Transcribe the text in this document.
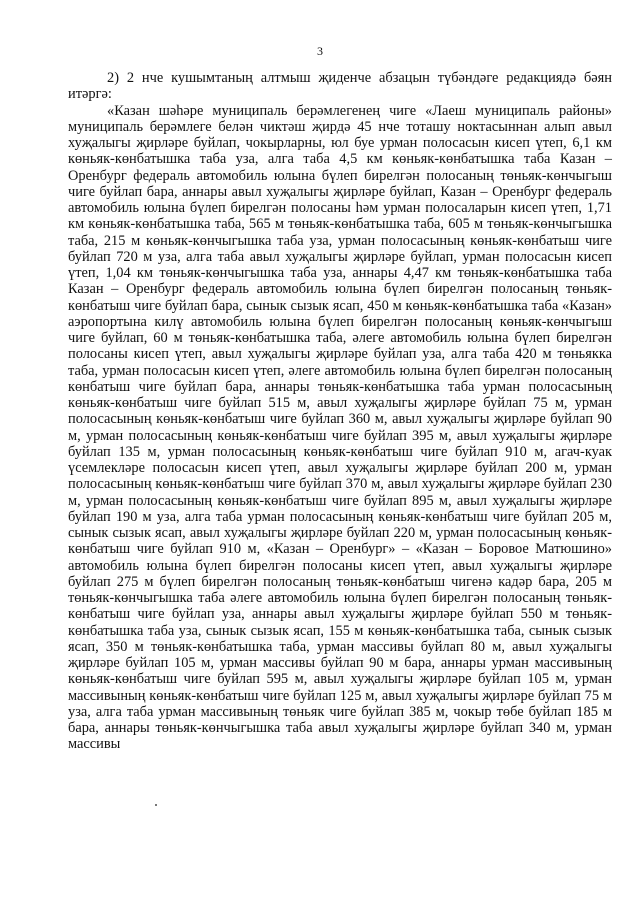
3

2) 2 нче кушымтаның алтмыш җиденче абзацын түбәндәге редакциядә бәян итәргә:

«Казан шәһәре муниципаль берәмлегенең чиге «Лаеш муниципаль районы» муниципаль берәмлеге белән чиктәш җирдә 45 нче тоташу ноктасыннан алып авыл хуҗалыгы җирләре буйлап, чокырларны, юл буе урман полосасын кисеп үтеп, 6,1 км көньяк-көнбатышка таба уза, алга таба 4,5 км көньяк-көнбатышка таба Казан – Оренбург федераль автомобиль юлына бүлеп бирелгән полосаның төньяк-көнчыгыш чиге буйлап бара, аннары авыл хуҗалыгы җирләре буйлап, Казан – Оренбург федераль автомобиль юлына бүлеп бирелгән полосаны һәм урман полосаларын кисеп үтеп, 1,71 км көньяк-көнбатышка таба, 565 м төньяк-көнбатышка таба, 605 м төньяк-көнчыгышка таба, 215 м көньяк-көнчыгышка таба уза, урман полосасының көньяк-көнбатыш чиге буйлап 720 м уза, алга таба авыл хуҗалыгы җирләре буйлап, урман полосасын кисеп үтеп, 1,04 км төньяк-көнчыгышка таба уза, аннары 4,47 км төньяк-көнбатышка таба Казан – Оренбург федераль автомобиль юлына бүлеп бирелгән полосаның төньяк-көнбатыш чиге буйлап бара, сынык сызык ясап, 450 м көньяк-көнбатышка таба «Казан» аэропортына килү автомобиль юлына бүлеп бирелгән полосаның көньяк-көнчыгыш чиге буйлап, 60 м төньяк-көнбатышка таба, әлеге автомобиль юлына бүлеп бирелгән полосаны кисеп үтеп, авыл хуҗалыгы җирләре буйлап уза, алга таба 420 м төньякка таба, урман полосасын кисеп үтеп, әлеге автомобиль юлына бүлеп бирелгән полосаның көнбатыш чиге буйлап бара, аннары төньяк-көнбатышка таба урман полосасының көньяк-көнбатыш чиге буйлап 515 м, авыл хуҗалыгы җирләре буйлап 75 м, урман полосасының көньяк-көнбатыш чиге буйлап 360 м, авыл хуҗалыгы җирләре буйлап 90 м, урман полосасының көньяк-көнбатыш чиге буйлап 395 м, авыл хуҗалыгы җирләре буйлап 135 м, урман полосасының көньяк-көнбатыш чиге буйлап 910 м, агач-куак үсемлекләре полосасын кисеп үтеп, авыл хуҗалыгы җирләре буйлап 200 м, урман полосасының көньяк-көнбатыш чиге буйлап 370 м, авыл хуҗалыгы җирләре буйлап 230 м, урман полосасының көньяк-көнбатыш чиге буйлап 895 м, авыл хуҗалыгы җирләре буйлап 190 м уза, алга таба урман полосасының көньяк-көнбатыш чиге буйлап 205 м, сынык сызык ясап, авыл хуҗалыгы җирләре буйлап 220 м, урман полосасының көньяк-көнбатыш чиге буйлап 910 м, «Казан – Оренбург» – «Казан – Боровое Матюшино» автомобиль юлына бүлеп бирелгән полосаны кисеп үтеп, авыл хуҗалыгы җирләре буйлап 275 м бүлеп бирелгән полосаның төньяк-көнбатыш чигенә кадәр бара, 205 м төньяк-көнчыгышка таба әлеге автомобиль юлына бүлеп бирелгән полосаның төньяк-көнбатыш чиге буйлап уза, аннары авыл хуҗалыгы җирләре буйлап 550 м төньяк-көнбатышка таба уза, сынык сызык ясап, 155 м көньяк-көнбатышка таба, сынык сызык ясап, 350 м төньяк-көнбатышка таба, урман массивы буйлап 80 м, авыл хуҗалыгы җирләре буйлап 105 м, урман массивы буйлап 90 м бара, аннары урман массивының көньяк-көнбатыш чиге буйлап 595 м, авыл хуҗалыгы җирләре буйлап 105 м, урман массивының көньяк-көнбатыш чиге буйлап 125 м, авыл хуҗалыгы җирләре буйлап 75 м уза, алга таба урман массивының төньяк чиге буйлап 385 м, чокыр төбе буйлап 185 м бара, аннары төньяк-көнчыгышка таба авыл хуҗалыгы җирләре буйлап 340 м, урман массивы
